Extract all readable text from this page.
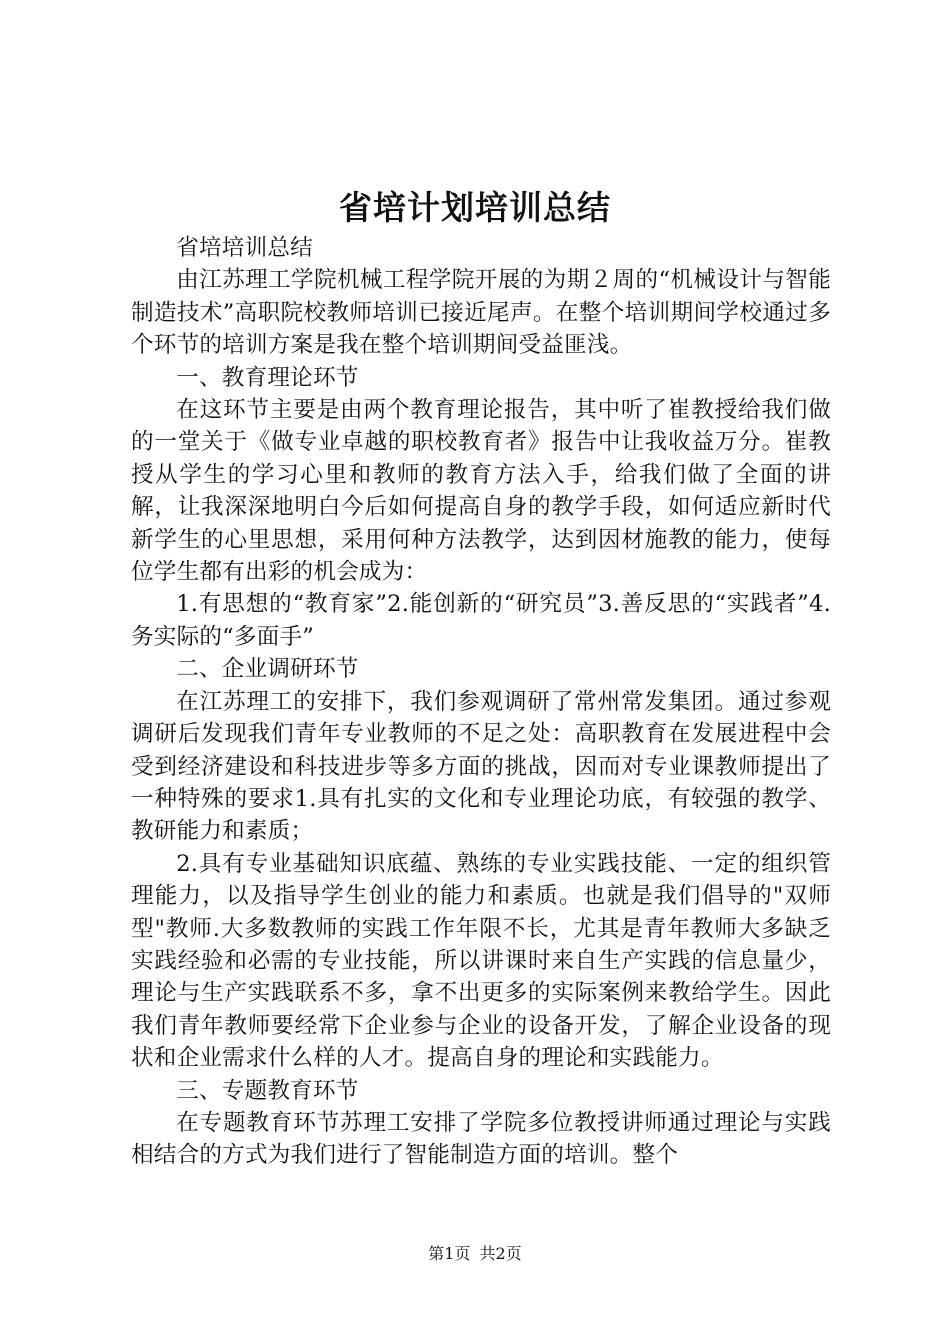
省培计划培训总结

省培培训总结

由江苏理工学院机械工程学院开展的为期２周的“机械设计与智能制造技术”高职院校教师培训已接近尾声。在整个培训期间学校通过多个环节的培训方案是我在整个培训期间受益匪浅。

一、教育理论环节

在这环节主要是由两个教育理论报告，其中听了崔教授给我们做的一堂关于《做专业卓越的职校教育者》报告中让我收益万分。崔教授从学生的学习心里和教师的教育方法入手，给我们做了全面的讲解，让我深深地明白今后如何提高自身的教学手段，如何适应新时代新学生的心里思想，采用何种方法教学，达到因材施教的能力，使每位学生都有出彩的机会成为：

1.有思想的“教育家”2.能创新的“研究员”3.善反思的“实践者”4.务实际的“多面手”

二、企业调研环节

在江苏理工的安排下，我们参观调研了常州常发集团。通过参观调研后发现我们青年专业教师的不足之处：高职教育在发展进程中会受到经济建设和科技进步等多方面的挑战，因而对专业课教师提出了一种特殊的要求1.具有扎实的文化和专业理论功底，有较强的教学、教研能力和素质；

2.具有专业基础知识底蕴、熟练的专业实践技能、一定的组织管理能力，以及指导学生创业的能力和素质。也就是我们倡导的"双师型"教师.大多数教师的实践工作年限不长，尤其是青年教师大多缺乏实践经验和必需的专业技能，所以讲课时来自生产实践的信息量少，理论与生产实践联系不多，拿不出更多的实际案例来教给学生。因此我们青年教师要经常下企业参与企业的设备开发，了解企业设备的现状和企业需求什么样的人才。提高自身的理论和实践能力。

三、专题教育环节

在专题教育环节苏理工安排了学院多位教授讲师通过理论与实践相结合的方式为我们进行了智能制造方面的培训。整个

第1页 共2页
